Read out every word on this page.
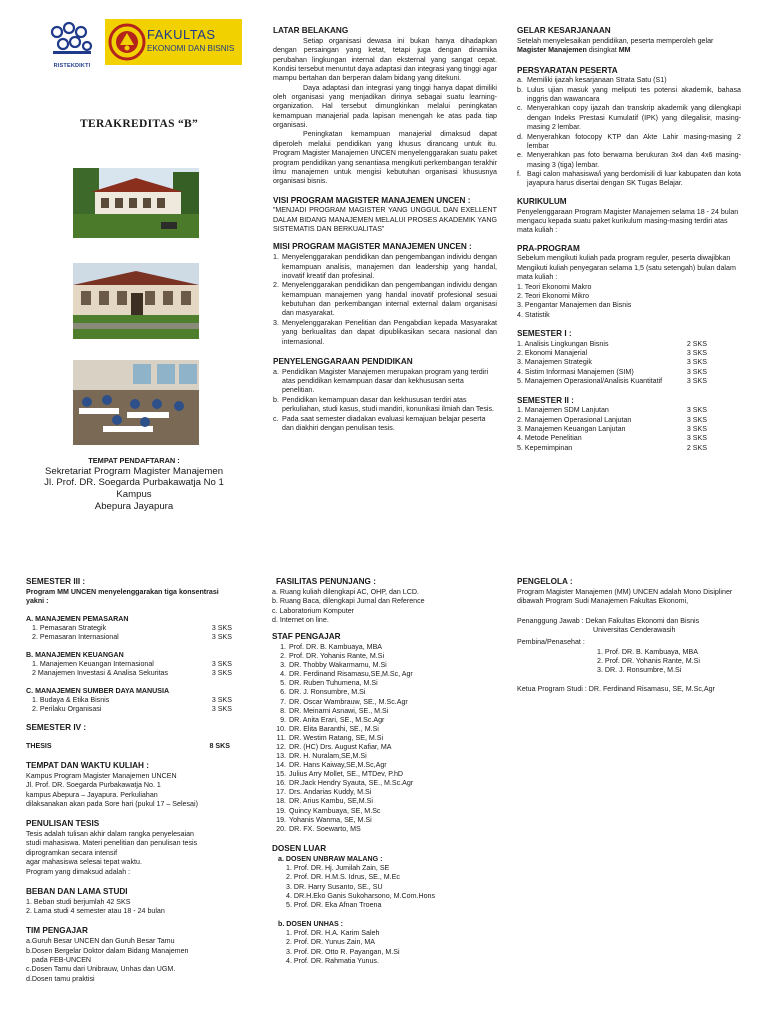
RISTEKDIKTI
FAKULTAS
EKONOMI DAN BISNIS
TERAKREDITAS “B”

TEMPAT PENDAFTARAN :

Sekretariat Program Magister Manajemen

Jl. Prof. DR. Soegarda Purbakawatja No 1 Kampus

Abepura Jayapura

LATAR BELAKANG

Setiap organisasi dewasa ini bukan hanya dihadapkan dengan persaingan yang ketat, tetapi juga dengan dinamika perubahan lingkungan internal dan eksternal yang sangat cepat. Kondisi tersebut menuntut daya adaptasi dan integrasi yang tinggi agar mampu bertahan dan berperan dalam bidang yang ditekuni.

Daya adaptasi dan integrasi yang tinggi hanya dapat dimiliki oleh organisasi yang menjadikan dirinya sebagai suatu learning-organization. Hal tersebut dimungkinkan melalui peningkatan kemampuan manajerial pada lapisan menengah ke atas pada tiap organisasi.

Peningkatan kemampuan manajerial dimaksud dapat diperoleh melalui pendidikan yang khusus dirancang untuk itu. Program Magister Manajemen UNCEN menyelenggarakan suatu paket program pendidikan yang senantiasa mengikuti perkembangan terakhir ilmu manajemen untuk mengisi kebutuhan organisasi khususnya organisasi bisnis.

VISI PROGRAM MAGISTER MANAJEMEN UNCEN :

”MENJADI PROGRAM MAGISTER YANG UNGGUL DAN EXELLENT DALAM BIDANG MANAJEMEN MELALUI PROSES AKADEMIK YANG SISTEMATIS DAN BERKUALITAS”

MISI PROGRAM MAGISTER MANAJEMEN UNCEN :

1. Menyelenggarakan pendidikan dan pengembangan individu dengan kemampuan analisis, manajemen dan leadership yang handal, inovatif kreatif dan profesinal.
2. Menyelenggarakan pendidikan dan pengembangan individu dengan kemampuan manajemen yang handal inovatif profesional sesuai kebutuhan dan perkembangan internal external dalam organisasi dan masyarakat.
3. Menyelenggarakan Penelitian dan Pengabdian kepada Masyarakat yang berkualitas dan dapat dipublikasikan secara nasional dan internasional.

PENYELENGGARAAN PENDIDIKAN

a. Pendidikan Magister Manajemen merupakan program yang terdiri atas pendidikan kemampuan dasar dan kekhususan serta penelitian.
b. Pendidikan kemampuan dasar dan kekhususan terdiri atas perkuliahan, studi kasus, studi mandiri, konunikasi ilmiah dan Tesis.
c. Pada saat semester diadakan evaluasi kemajuan belajar peserta dan diakhiri dengan penulisan tesis.

GELAR KESARJANAAN

Setelah menyelesaikan pendidikan, peserta memperoleh gelar Magister Manajemen disingkat MM

PERSYARATAN PESERTA

a. Memiliki ijazah kesarjanaan Strata Satu (S1)
b. Lulus ujian masuk yang meliputi tes potensi akademik, bahasa inggris dan wawancara
c. Menyerahkan copy ijazah dan transkrip akademik yang dilengkapi dengan Indeks Prestasi Kumulatif (IPK) yang dilegalisir, masing-masing 2 lembar.
d. Menyerahkan fotocopy KTP dan Akte Lahir masing-masing 2 lembar
e. Menyerahkan pas foto berwarna berukuran 3x4 dan 4x6 masing-masing 3 (tiga) lembar.
f. Bagi calon mahasiswa/i yang berdomisili di luar kabupaten dan kota jayapura harus disertai dengan SK Tugas Belajar.

KURIKULUM

Penyelenggaraan Program Magister Manajemen selama 18 - 24 bulan mengacu kepada suatu paket kurikulum masing-masing terdiri atas mata kuliah :

PRA-PROGRAM

Sebelum mengikuti kuliah pada program reguler, peserta diwajibkan Mengikuti kuliah penyegaran selama 1,5 (satu setengah) bulan dalam mata kuliah :

1. Teori Ekonomi Makro

2. Teori Ekonomi Mikro

3. Pengantar Manajemen dan Bisnis

4. Statistik

SEMESTER I :

1. Analisis Lingkungan Bisnis	2 SKS
2. Ekonomi Manajerial	3 SKS
3. Manajemen Strategik	3 SKS
4. Sistim Informasi Manajemen (SIM)	3 SKS
5. Manajemen Operasional/Analisis Kuantitatif	3 SKS

SEMESTER II :

1. Manajemen SDM Lanjutan	3 SKS
2. Manajemen Operasional Lanjutan	3 SKS
3. Manajemen Keuangan Lanjutan	3 SKS
4. Metode Penelitian	3 SKS
5. Kepemimpinan	2 SKS

SEMESTER III :

Program MM UNCEN menyelenggarakan tiga konsentrasi yakni :

A. MANAJEMEN PEMASARAN

1. Pemasaran Strategik	3 SKS
2. Pemasaran Internasional	3 SKS

B. MANAJEMEN KEUANGAN

1. Manajemen Keuangan Internasional	3 SKS
2 Manajemen Investasi & Analisa Sekuritas	3 SKS

C. MANAJEMEN SUMBER DAYA MANUSIA

1. Budaya & Etika Bisnis	3 SKS
2. Perilaku Organisasi	3 SKS

SEMESTER IV :

THESIS	8 SKS

TEMPAT DAN WAKTU KULIAH :

Kampus Program Magister Manajemen UNCEN

Jl. Prof. DR. Soegarda Purbakawatja No. 1

kampus Abepura – Jayapura. Perkuliahan

dilaksanakan akan pada Sore hari (pukul 17 – Selesai)

PENULISAN TESIS

Tesis adalah tulisan akhir dalam rangka penyelesaian

studi mahasiswa. Materi penelitian dan penulisan tesis

diprogramkan secara intensif

agar mahasiswa selesai tepat waktu.

Program yang dimaksud adalah :

BEBAN DAN LAMA STUDI

1. Beban studi berjumlah 42 SKS

2. Lama studi 4 semester atau 18 - 24 bulan

TIM PENGAJAR

a.Guruh Besar UNCEN dan Guruh Besar Tamu

b.Dosen Bergelar Doktor dalam Bidang Manajemen

pada FEB-UNCEN

c.Dosen Tamu dari Unibrauw, Unhas dan UGM.

d.Dosen tamu praktisi

FASILITAS PENUNJANG :

a. Ruang kuliah dilengkapi AC, OHP, dan LCD.

b. Ruang Baca, dilengkapi Jurnal dan Reference

c. Laboratorium Komputer

d. Internet on line.

STAF PENGAJAR

1. Prof. DR. B. Kambuaya, MBA
2. Prof. DR. Yohanis Rante, M.Si
3. DR. Thobby Wakarmamu, M.Si
4. DR. Ferdinand Risamasu,SE,M.Sc, Agr
5. DR. Ruben Tuhumena, M.Si
6. DR. J. Ronsumbre, M.Si
7. DR. Oscar Wambrauw, SE., M.Sc.Agr
8. DR. Meinarni Asnawi, SE., M.Si
9. DR. Anita Erari, SE., M.Sc.Agr
10. DR. Elita Baranthi, SE., M.Si
11. DR. Westim Ratang, SE, M.Si
12. DR. (HC) Drs. August Kafiar, MA
13. DR. H. Nuralam,SE,M.Si
14. DR. Hans Kaiway,SE,M.Sc,Agr
15. Julius Arry Mollet, SE., MTDev, P.hD
16. DR.Jack Hendry Syauta, SE., M.Sc.Agr
17. Drs. Andarias Kuddy, M.Si
18. DR. Arius Kambu, SE,M.Si
19. Quincy Kambuaya, SE, M.Sc
19. Yohanis Wanma, SE, M.Si
20. DR. FX. Soewarto, MS

DOSEN LUAR

a. DOSEN UNBRAW MALANG :

1. Prof. DR. Hj. Jumilah Zain, SE

2. Prof. DR. H.M.S. Idrus, SE., M.Ec

3. DR. Harry Susanto, SE., SU

4. DR.H.Eko Ganis Sukoharsono, M.Com.Hons

5. Prof. DR. Eka Afnan Troena

b. DOSEN UNHAS :

1. Prof. DR. H.A. Karim Saleh

2. Prof. DR. Yunus Zain, MA

3. Prof. DR. Otto R. Payangan, M.Si

4. Prof. DR. Rahmatia Yunus.

PENGELOLA :

Program Magister Manajemen (MM) UNCEN adalah Mono Disipliner dibawah Program Sudi Manajemen Fakultas Ekonomi,

Penanggung Jawab : Dekan Fakultas Ekonomi dan Bisnis

Universitas Cenderawasih

Pembina/Penasehat :

1. Prof. DR. B. Kambuaya, MBA

2. Prof. DR. Yohanis Rante, M.Si

3. DR. J. Ronsumbre, M.Si

Ketua Program Studi : DR. Ferdinand Risamasu, SE, M.Sc,Agr
